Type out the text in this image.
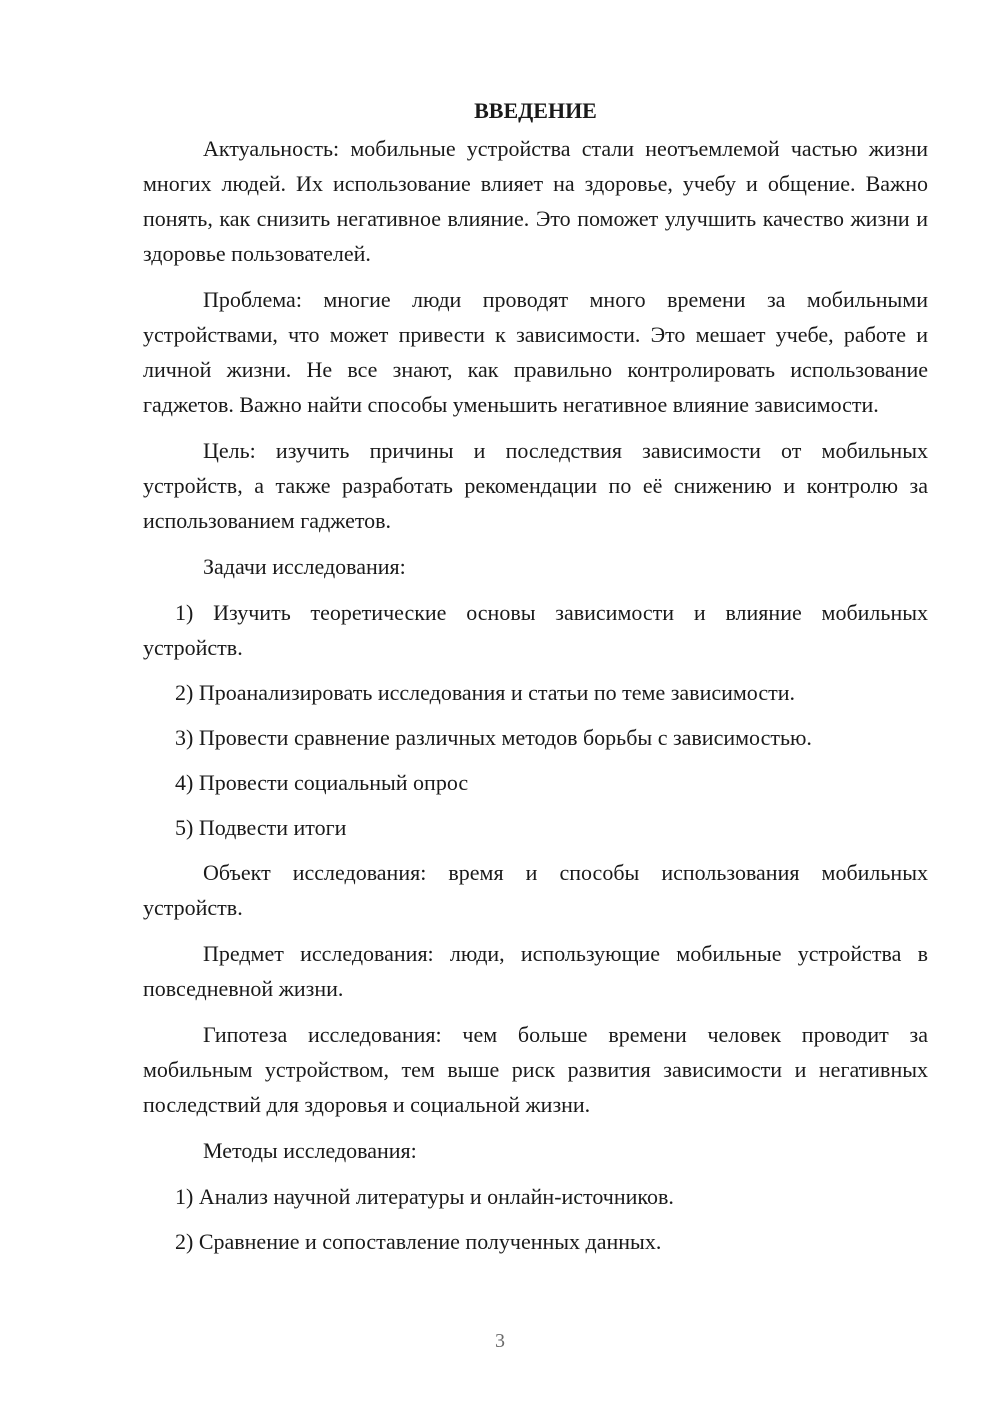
ВВЕДЕНИЕ

Актуальность: мобильные устройства стали неотъемлемой частью жизни многих людей. Их использование влияет на здоровье, учебу и общение. Важно понять, как снизить негативное влияние. Это поможет улучшить качество жизни и здоровье пользователей.

Проблема: многие люди проводят много времени за мобильными устройствами, что может привести к зависимости. Это мешает учебе, работе и личной жизни. Не все знают, как правильно контролировать использование гаджетов. Важно найти способы уменьшить негативное влияние зависимости.

Цель: изучить причины и последствия зависимости от мобильных устройств, а также разработать рекомендации по её снижению и контролю за использованием гаджетов.

Задачи исследования:

1) Изучить теоретические основы зависимости и влияние мобильных устройств.

2) Проанализировать исследования и статьи по теме зависимости.

3) Провести сравнение различных методов борьбы с зависимостью.

4) Провести социальный опрос

5) Подвести итоги

Объект исследования: время и способы использования мобильных устройств.

Предмет исследования: люди, использующие мобильные устройства в повседневной жизни.

Гипотеза исследования: чем больше времени человек проводит за мобильным устройством, тем выше риск развития зависимости и негативных последствий для здоровья и социальной жизни.

Методы исследования:

1) Анализ научной литературы и онлайн-источников.

2) Сравнение и сопоставление полученных данных.

3
